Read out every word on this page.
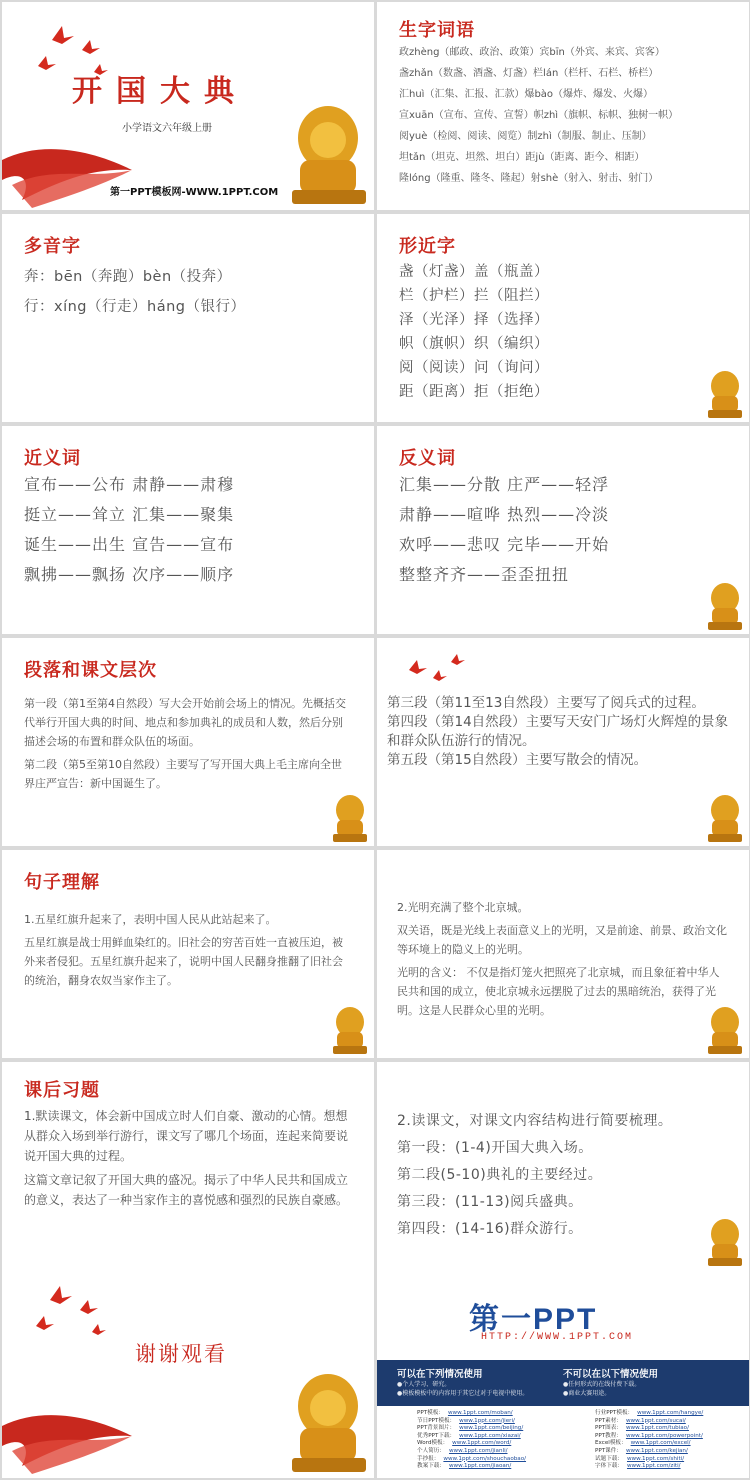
开国大典
小学语文六年级上册
第一PPT模板网-WWW.1PPT.COM
生字词语
政zhèng（邮政、政治、政策）宾bīn（外宾、来宾、宾客）
盏zhǎn（数盏、酒盏、灯盏）栏lán（栏杆、石栏、桥栏）
汇huì（汇集、汇报、汇款）爆bào（爆炸、爆发、火爆）
宣xuān（宣布、宣传、宣誓）帜zhì（旗帜、标帜、独树一帜）
阅yuè（检阅、阅读、阅览）制zhì（制服、制止、压制）
坦tǎn（坦克、坦然、坦白）距jù（距离、距今、相距）
隆lóng（隆重、隆冬、隆起）射shè（射入、射击、射门）
多音字
奔：bēn（奔跑）bèn（投奔）
行：xíng（行走）háng（银行）
形近字
盏（灯盏）盖（瓶盖）
栏（护栏）拦（阻拦）
泽（光泽）择（选择）
帜（旗帜）织（编织）
阅（阅读）问（询问）
距（距离）拒（拒绝）
近义词
宣布——公布 肃静——肃穆
挺立——耸立 汇集——聚集
诞生——出生 宣告——宣布
飘拂——飘扬 次序——顺序
反义词
汇集——分散 庄严——轻浮
肃静——喧哗 热烈——冷淡
欢呼——悲叹 完毕——开始
整整齐齐——歪歪扭扭
段落和课文层次
第一段（第1至第4自然段）写大会开始前会场上的情况。先概括交代举行开国大典的时间、地点和参加典礼的成员和人数，然后分别描述会场的布置和群众队伍的场面。
第二段（第5至第10自然段）主要写了写开国大典上毛主席向全世界庄严宣告：新中国诞生了。
第三段（第11至13自然段）主要写了阅兵式的过程。
第四段（第14自然段）主要写天安门广场灯火辉煌的景象和群众队伍游行的情况。
第五段（第15自然段）主要写散会的情况。
句子理解
1.五星红旗升起来了，表明中国人民从此站起来了。
五星红旗是战士用鲜血染红的。旧社会的穷苦百姓一直被压迫，被外来者侵犯。五星红旗升起来了，说明中国人民翻身推翻了旧社会的统治，翻身农奴当家作主了。
2.光明充满了整个北京城。
双关语，既是光线上表面意义上的光明，又是前途、前景、政治文化等环境上的隐义上的光明。
光明的含义： 不仅是指灯笼火把照亮了北京城，而且象征着中华人民共和国的成立，使北京城永远摆脱了过去的黑暗统治，获得了光明。这是人民群众心里的光明。
课后习题
1.默读课文，体会新中国成立时人们自豪、激动的心情。想想从群众入场到举行游行，课文写了哪几个场面，连起来简要说说开国大典的过程。
这篇文章记叙了开国大典的盛况。揭示了中华人民共和国成立的意义，表达了一种当家作主的喜悦感和强烈的民族自豪感。
2.读课文，对课文内容结构进行简要梳理。
第一段：(1-4)开国大典入场。
第二段(5-10)典礼的主要经过。
第三段：(11-13)阅兵盛典。
第四段：(14-16)群众游行。
谢谢观看
第一PPT
HTTP://WWW.1PPT.COM
可以在下列情况使用
●个人学习、研究。
●模板模板中的内容用于其它过对于电视中使用。
不可以在以下情况使用
●任何形式的在线付费下载。
●商业大赛用途。
PPT模板： www.1ppt.com/moban/
节日PPT模板： www.1ppt.com/jieri/
PPT背景图片： www.1ppt.com/beijing/
优秀PPT下载： www.1ppt.com/xiazai/
Word模板： www.1ppt.com/word/
个人简历： www.1ppt.com/jianli/
手抄报： www.1ppt.com/shouchaobao/
教案下载： www.1ppt.com/jiaoan/
行业PPT模板： www.1ppt.com/hangye/
PPT素材： www.1ppt.com/sucai/
PPT图表： www.1ppt.com/tubiao/
PPT教程： www.1ppt.com/powerpoint/
Excel模板： www.1ppt.com/excel/
PPT课件： www.1ppt.com/kejian/
试题下载： www.1ppt.com/shiti/
字体下载： www.1ppt.com/ziti/
